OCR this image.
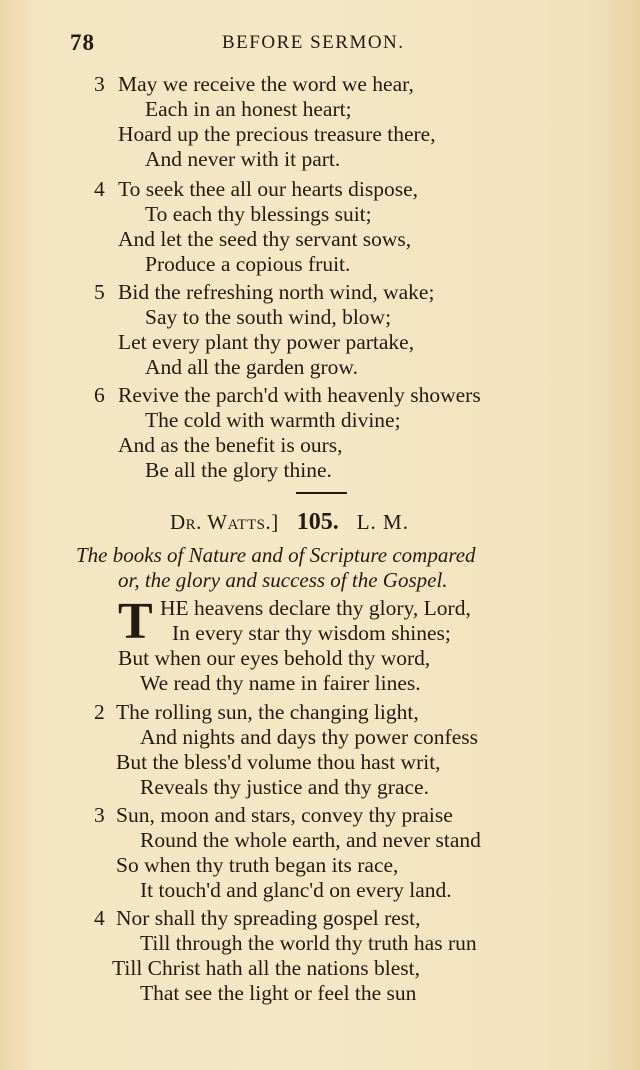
78	BEFORE SERMON.
3 May we receive the word we hear,
Each in an honest heart;
Hoard up the precious treasure there,
And never with it part.
4 To seek thee all our hearts dispose,
To each thy blessings suit;
And let the seed thy servant sows,
Produce a copious fruit.
5 Bid the refreshing north wind, wake;
Say to the south wind, blow;
Let every plant thy power partake,
And all the garden grow.
6 Revive the parch'd with heavenly showers
The cold with warmth divine;
And as the benefit is ours,
Be all the glory thine.
Dr. Watts.] 105. L. M.
The books of Nature and of Scripture compared
or, the glory and success of the Gospel.
T HE heavens declare thy glory, Lord,
In every star thy wisdom shines;
But when our eyes behold thy word,
We read thy name in fairer lines.
2 The rolling sun, the changing light,
And nights and days thy power confess
But the bless'd volume thou hast writ,
Reveals thy justice and thy grace.
3 Sun, moon and stars, convey thy praise
Round the whole earth, and never stand
So when thy truth began its race,
It touch'd and glanc'd on every land.
4 Nor shall thy spreading gospel rest,
Till through the world thy truth has run
Till Christ hath all the nations blest,
That see the light or feel the sun
